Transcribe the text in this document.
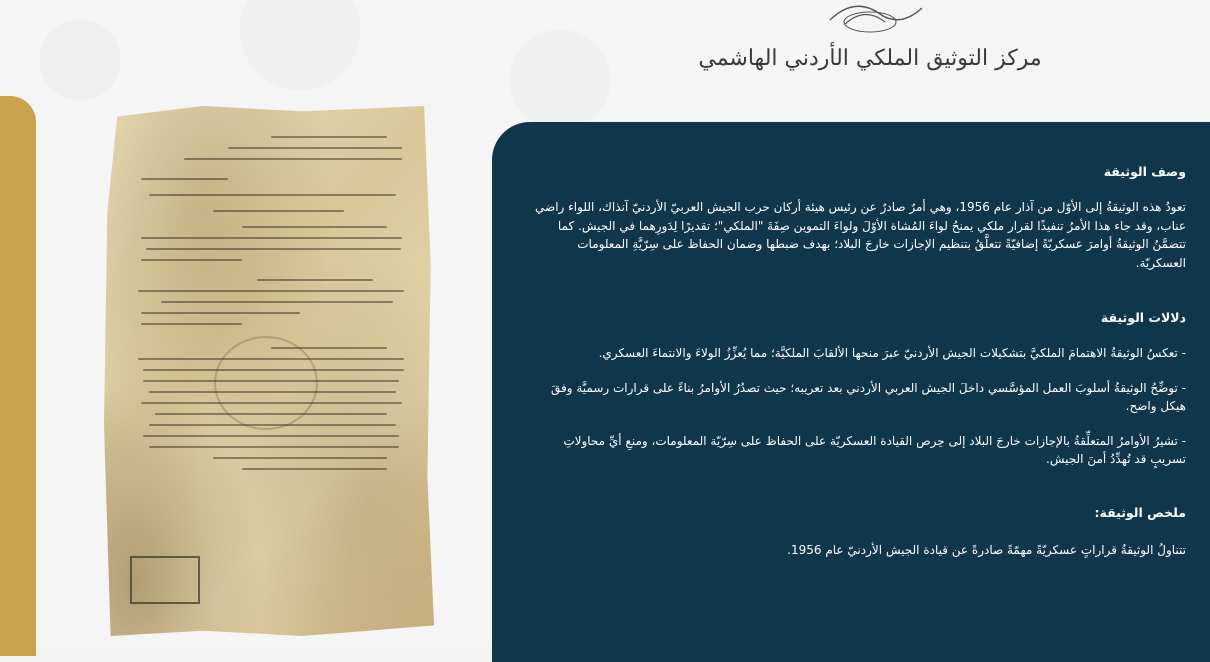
مركز التوثيق الملكي الأردني الهاشمي
وصف الوثيقة

تعودُ هذه الوثيقةُ إلى الأوّل من آذار عام 1956، وهي أمرٌ صادرٌ عن رئيس هيئة أركان حرب الجيش العربيّ الأردنيّ آنذاك، اللواء راضي عناب، وقد جاء هذا الأمرُ تنفيذًا لقرار ملكي يمنحُ لواءَ المُشاة الأوّلَ ولواءَ التموين صِفَةَ "الملكي"؛ تقديرًا لِدَورِهما في الجيش. كما تتضمَّنُ الوثيقةُ أوامرَ عسكريّةً إضافيّةً تتعلَّقُ بتنظيم الإجازات خارجَ البلاد؛ بهدف ضبطها وضمان الحفاظ على سِرّيَّةِ المعلومات العسكريّة.

دلالات الوثيقة

- تعكسُ الوثيقةُ الاهتمامَ الملكيَّ بتشكيلات الجيش الأردنيّ عبرَ منحها الألقابَ الملكيَّة؛ مما يُعزِّزُ الولاءَ والانتماءَ العسكري.

- توضِّحُ الوثيقةُ أسلوبَ العمل المؤسَّسي داخلَ الجيش العربي الأردني بعد تعريبه؛ حيث تصدُرُ الأوامرُ بناءً على قرارات رسميَّة وفقَ هيكل واضح.

- تشيرُ الأوامرُ المتعلِّقةُ بالإجازات خارجَ البلاد إلى حِرص القيادة العسكريّة على الحفاظ على سِرّيّة المعلومات، ومنعِ أيِّ محاولاتِ تسريبٍ قد تُهدِّدُ أمنَ الجيش.

ملخص الوثيقة:

تتناولُ الوثيقةُ قراراتٍ عسكريّةً مهمّةً صادرةً عن قيادة الجيش الأردنيّ عام 1956.
